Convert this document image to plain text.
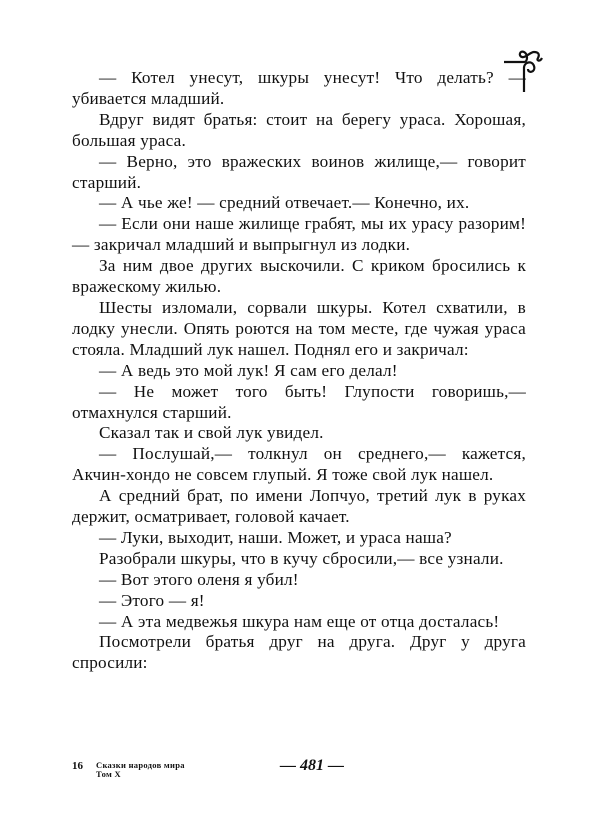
— Котел унесут, шкуры унесут! Что делать? — убивается младший.

Вдруг видят братья: стоит на берегу ураса. Хорошая, большая ураса.

— Верно, это вражеских воинов жилище,— говорит старший.

— А чье же! — средний отвечает.— Конечно, их.

— Если они наше жилище грабят, мы их урасу разорим! — закричал младший и выпрыгнул из лодки.

За ним двое других выскочили. С криком бросились к вражескому жилью.

Шесты изломали, сорвали шкуры. Котел схватили, в лодку унесли. Опять роются на том месте, где чужая ураса стояла. Младший лук нашел. Поднял его и закричал:

— А ведь это мой лук! Я сам его делал!

— Не может того быть! Глупости говоришь,— отмахнулся старший.

Сказал так и свой лук увидел.

— Послушай,— толкнул он среднего,— кажется, Акчин-хондо не совсем глупый. Я тоже свой лук нашел.

А средний брат, по имени Лопчуо, третий лук в руках держит, осматривает, головой качает.

— Луки, выходит, наши. Может, и ураса наша?

Разобрали шкуры, что в кучу сбросили,— все узнали.

— Вот этого оленя я убил!

— Этого — я!

— А эта медвежья шкура нам еще от отца досталась!

Посмотрели братья друг на друга. Друг у друга спросили:

16 Сказки народов мира
Том X	— 481 —
